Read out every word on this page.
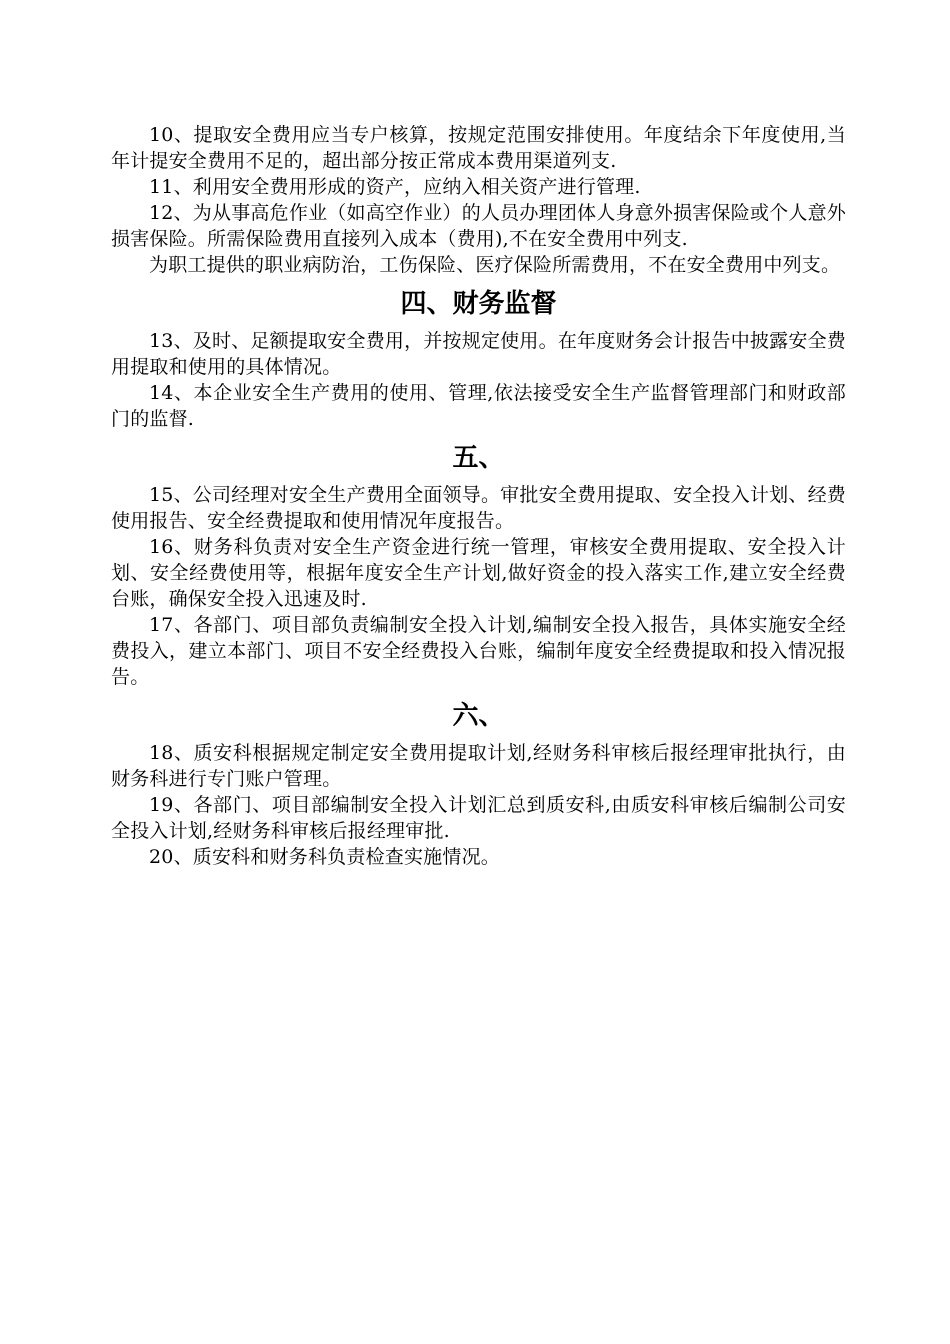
10、提取安全费用应当专户核算，按规定范围安排使用。年度结余下年度使用,当年计提安全费用不足的，超出部分按正常成本费用渠道列支.

11、利用安全费用形成的资产，应纳入相关资产进行管理.

12、为从事高危作业（如高空作业）的人员办理团体人身意外损害保险或个人意外损害保险。所需保险费用直接列入成本（费用),不在安全费用中列支.

为职工提供的职业病防治，工伤保险、医疗保险所需费用，不在安全费用中列支。

四、财务监督

13、及时、足额提取安全费用，并按规定使用。在年度财务会计报告中披露安全费用提取和使用的具体情况。

14、本企业安全生产费用的使用、管理,依法接受安全生产监督管理部门和财政部门的监督.

五、

15、公司经理对安全生产费用全面领导。审批安全费用提取、安全投入计划、经费使用报告、安全经费提取和使用情况年度报告。

16、财务科负责对安全生产资金进行统一管理，审核安全费用提取、安全投入计划、安全经费使用等，根据年度安全生产计划,做好资金的投入落实工作,建立安全经费台账，确保安全投入迅速及时.

17、各部门、项目部负责编制安全投入计划,编制安全投入报告，具体实施安全经费投入，建立本部门、项目不安全经费投入台账，编制年度安全经费提取和投入情况报告。

六、

18、质安科根据规定制定安全费用提取计划,经财务科审核后报经理审批执行，由财务科进行专门账户管理。

19、各部门、项目部编制安全投入计划汇总到质安科,由质安科审核后编制公司安全投入计划,经财务科审核后报经理审批.

20、质安科和财务科负责检查实施情况。
